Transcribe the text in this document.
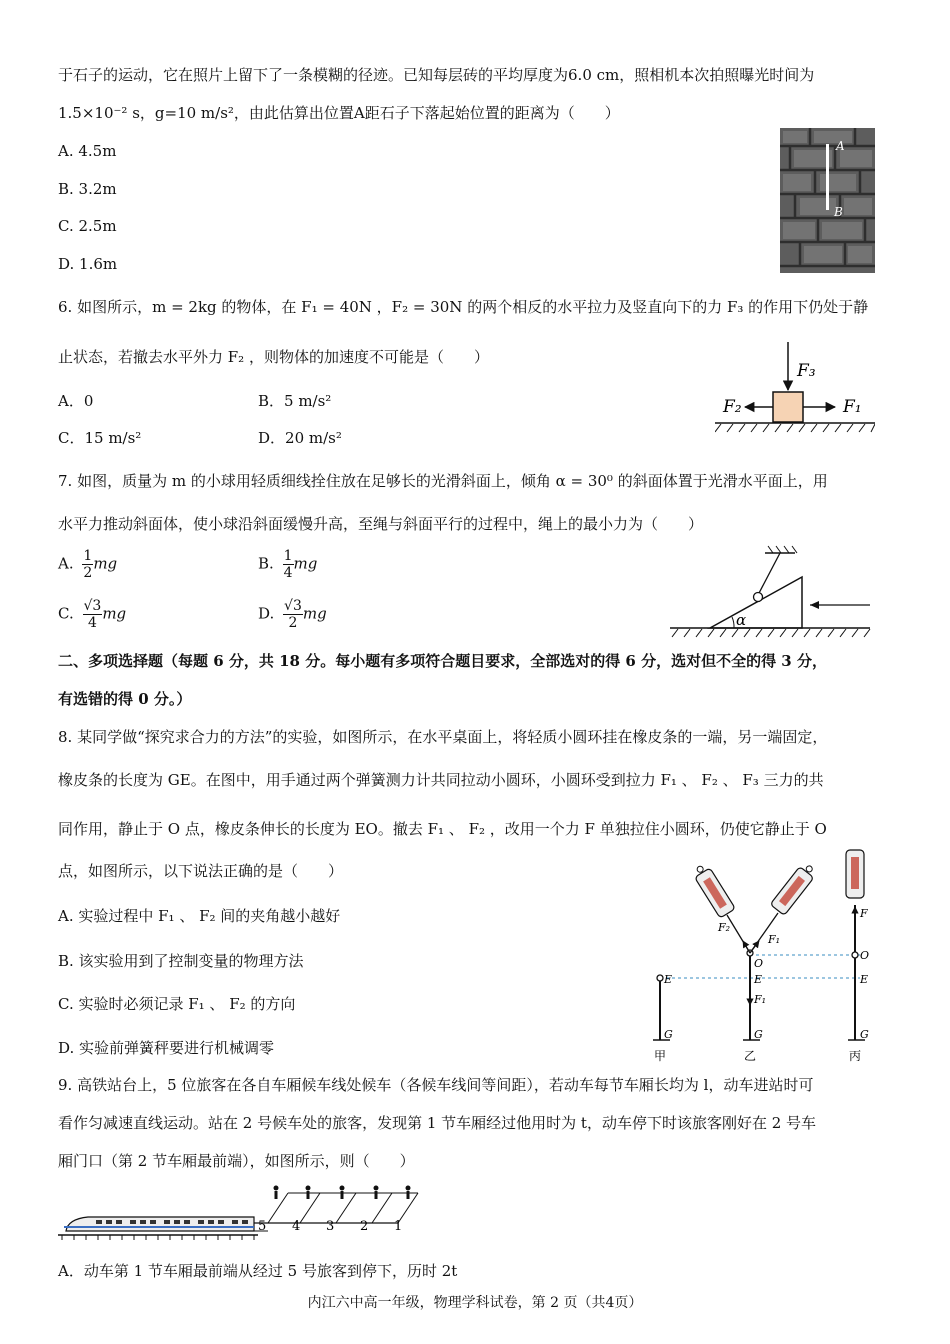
于石子的运动，它在照片上留下了一条模糊的径迹。已知每层砖的平均厚度为6.0 cm，照相机本次拍照曝光时间为
1.5×10⁻² s，g=10 m/s²，由此估算出位置A距石子下落起始位置的距离为（　　）
A. 4.5m
B. 3.2m
C. 2.5m
D. 1.6m
A
B
6. 如图所示，m = 2kg 的物体，在 F₁ = 40N ，F₂ = 30N 的两个相反的水平拉力及竖直向下的力 F₃ 的作用下仍处于静
止状态，若撤去水平外力 F₂ ，则物体的加速度不可能是（　　）
A．0	B．5 m/s²
C．15 m/s²	D．20 m/s²
F₃
F₂	F₁
7. 如图，质量为 m 的小球用轻质细线拴住放在足够长的光滑斜面上，倾角 α = 30⁰ 的斜面体置于光滑水平面上，用
水平力推动斜面体，使小球沿斜面缓慢升高，至绳与斜面平行的过程中，绳上的最小力为（　　）
A. $\frac{1}{2}$ mg	B. $\frac{1}{4}$ mg
C. $\frac{√3}{4}$ mg	D. $\frac{√3}{2}$ mg	α
二、多项选择题（每题 6 分，共 18 分。每小题有多项符合题目要求，全部选对的得 6 分，选对但不全的得 3 分，
有选错的得 0 分。）
8. 某同学做“探究求合力的方法”的实验，如图所示，在水平桌面上，将轻质小圆环挂在橡皮条的一端，另一端固定，
橡皮条的长度为 GE。在图中，用手通过两个弹簧测力计共同拉动小圆环，小圆环受到拉力 F₁ 、 F₂ 、 F₃ 三力的共
同作用，静止于 O 点，橡皮条伸长的长度为 EO。撤去 F₁ 、 F₂ ，改用一个力 F 单独拉住小圆环，仍使它静止于 O
点，如图所示，以下说法正确的是（　　）
A. 实验过程中 F₁ 、 F₂ 间的夹角越小越好
B. 该实验用到了控制变量的物理方法
C. 实验时必须记录 F₁ 、 F₂ 的方向
D. 实验前弹簧秤要进行机械调零
E
G
甲
F₂
F₁
O
E
F₁
G
乙
F
O
E
G
丙
9. 高铁站台上，5 位旅客在各自车厢候车线处候车（各候车线间等间距），若动车每节车厢长均为 l，动车进站时可
看作匀减速直线运动。站在 2 号候车处的旅客，发现第 1 节车厢经过他用时为 t，动车停下时该旅客刚好在 2 号车
厢门口（第 2 节车厢最前端），如图所示，则（　　）
5 4 3 2 1
A．动车第 1 节车厢最前端从经过 5 号旅客到停下，历时 2t
内江六中高一年级，物理学科试卷，第 2 页（共4页）
